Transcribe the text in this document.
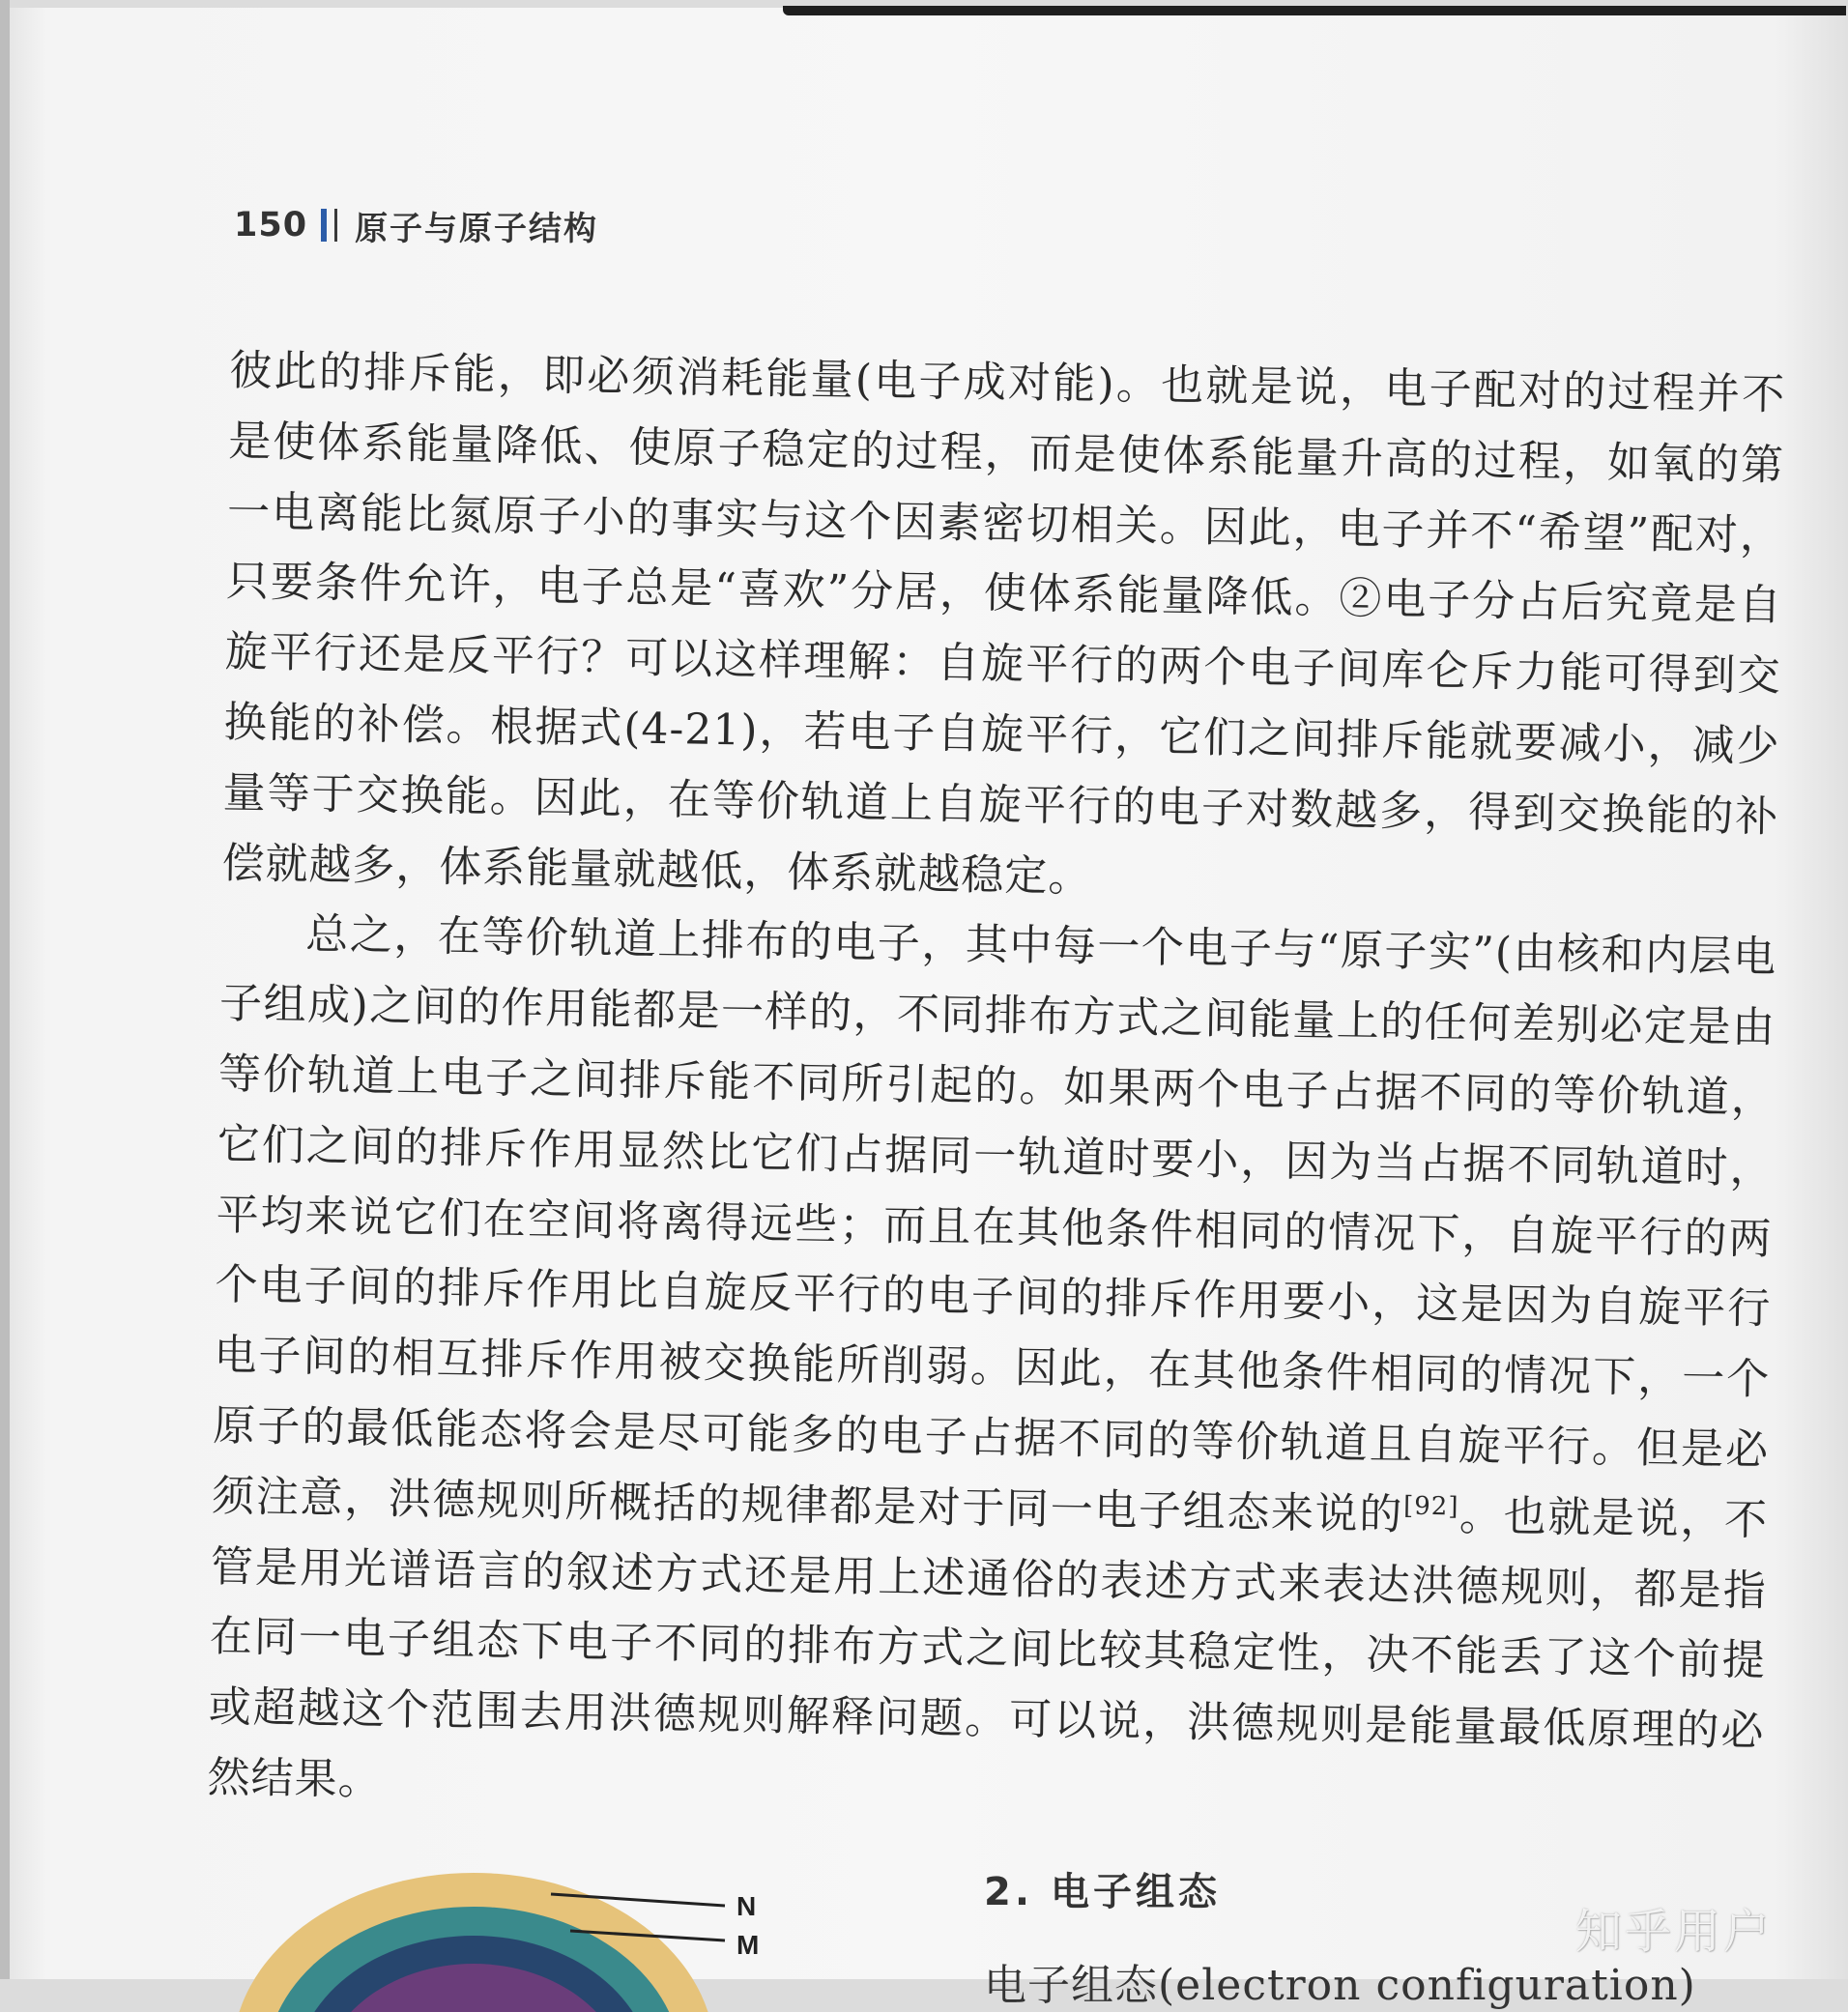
150 原子与原子结构

彼此的排斥能，即必须消耗能量(电子成对能)。也就是说，电子配对的过程并不是使体系能量降低、使原子稳定的过程，而是使体系能量升高的过程，如氧的第一电离能比氮原子小的事实与这个因素密切相关。因此，电子并不“希望”配对，只要条件允许，电子总是“喜欢”分居，使体系能量降低。②电子分占后究竟是自旋平行还是反平行？可以这样理解：自旋平行的两个电子间库仑斥力能可得到交换能的补偿。根据式(4-21)，若电子自旋平行，它们之间排斥能就要减小，减少量等于交换能。因此，在等价轨道上自旋平行的电子对数越多，得到交换能的补偿就越多，体系能量就越低，体系就越稳定。

总之，在等价轨道上排布的电子，其中每一个电子与“原子实”(由核和内层电子组成)之间的作用能都是一样的，不同排布方式之间能量上的任何差别必定是由等价轨道上电子之间排斥能不同所引起的。如果两个电子占据不同的等价轨道，它们之间的排斥作用显然比它们占据同一轨道时要小，因为当占据不同轨道时，平均来说它们在空间将离得远些；而且在其他条件相同的情况下，自旋平行的两个电子间的排斥作用比自旋反平行的电子间的排斥作用要小，这是因为自旋平行电子间的相互排斥作用被交换能所削弱。因此，在其他条件相同的情况下，一个原子的最低能态将会是尽可能多的电子占据不同的等价轨道且自旋平行。但是必须注意，洪德规则所概括的规律都是对于同一电子组态来说的[92]。也就是说，不管是用光谱语言的叙述方式还是用上述通俗的表述方式来表达洪德规则，都是指在同一电子组态下电子不同的排布方式之间比较其稳定性，决不能丢了这个前提或超越这个范围去用洪德规则解释问题。可以说，洪德规则是能量最低原理的必然结果。

2. 电子组态
电子组态(electron configuration)
N
M	知乎用户
